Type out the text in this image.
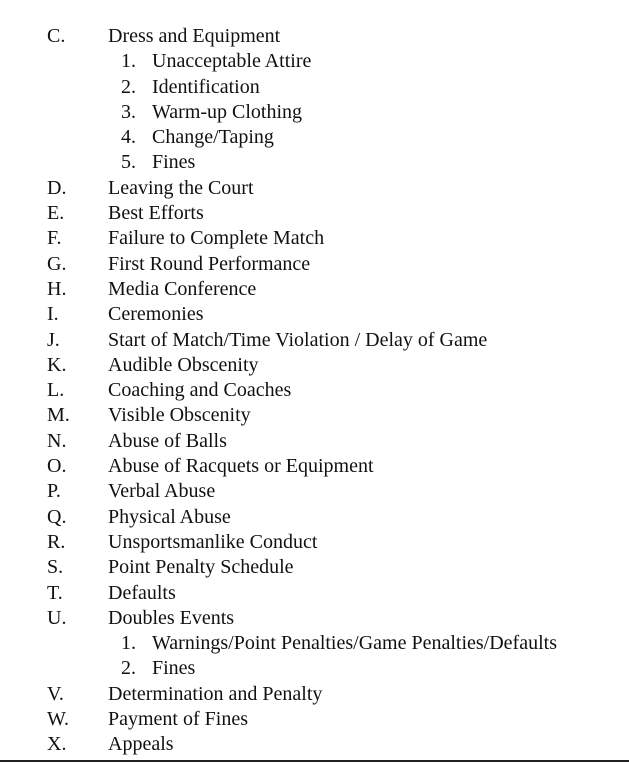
C. Dress and Equipment
1. Unacceptable Attire
2. Identification
3. Warm-up Clothing
4. Change/Taping
5. Fines
D. Leaving the Court
E. Best Efforts
F. Failure to Complete Match
G. First Round Performance
H. Media Conference
I. Ceremonies
J. Start of Match/Time Violation / Delay of Game
K. Audible Obscenity
L. Coaching and Coaches
M. Visible Obscenity
N. Abuse of Balls
O. Abuse of Racquets or Equipment
P. Verbal Abuse
Q. Physical Abuse
R. Unsportsmanlike Conduct
S. Point Penalty Schedule
T. Defaults
U. Doubles Events
1. Warnings/Point Penalties/Game Penalties/Defaults
2. Fines
V. Determination and Penalty
W. Payment of Fines
X. Appeals
